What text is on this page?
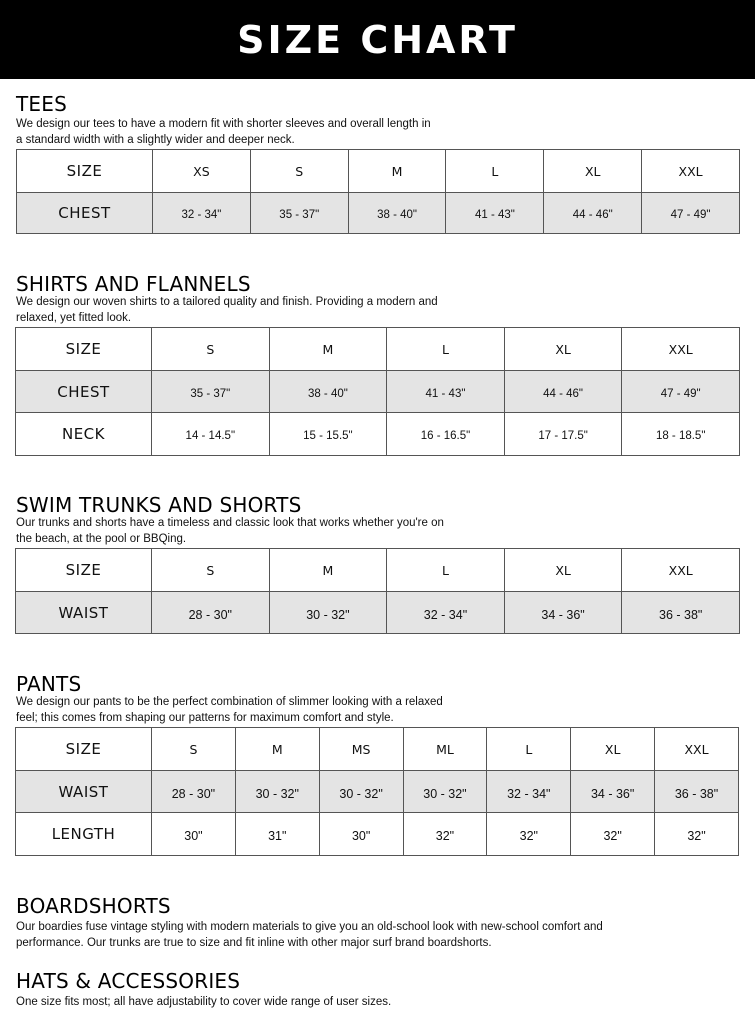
SIZE CHART
TEES
We design our tees to have a modern fit with shorter sleeves and overall length in
a standard width with a slightly wider and deeper neck.
SIZE	XS	S	M	L	XL	XXL
CHEST	32 - 34"	35 - 37"	38 - 40"	41 - 43"	44 - 46"	47 - 49"
SHIRTS AND FLANNELS
We design our woven shirts to a tailored quality and finish. Providing a modern and
relaxed, yet fitted look.
SIZE	S	M	L	XL	XXL
CHEST	35 - 37"	38 - 40"	41 - 43"	44 - 46"	47 - 49"
NECK	14 - 14.5"	15 - 15.5"	16 - 16.5"	17 - 17.5"	18 - 18.5"
SWIM TRUNKS AND SHORTS
Our trunks and shorts have a timeless and classic look that works whether you're on
the beach, at the pool or BBQing.
SIZE	S	M	L	XL	XXL
WAIST	28 - 30"	30 - 32"	32 - 34"	34 - 36"	36 - 38"
PANTS
We design our pants to be the perfect combination of slimmer looking with a relaxed
feel; this comes from shaping our patterns for maximum comfort and style.
SIZE	S	M	MS	ML	L	XL	XXL
WAIST	28 - 30"	30 - 32"	30 - 32"	30 - 32"	32 - 34"	34 - 36"	36 - 38"
LENGTH	30"	31"	30"	32"	32"	32"	32"
BOARDSHORTS
Our boardies fuse vintage styling with modern materials to give you an old-school look with new-school comfort and
performance. Our trunks are true to size and fit inline with other major surf brand boardshorts.
HATS & ACCESSORIES
One size fits most; all have adjustability to cover wide range of user sizes.
